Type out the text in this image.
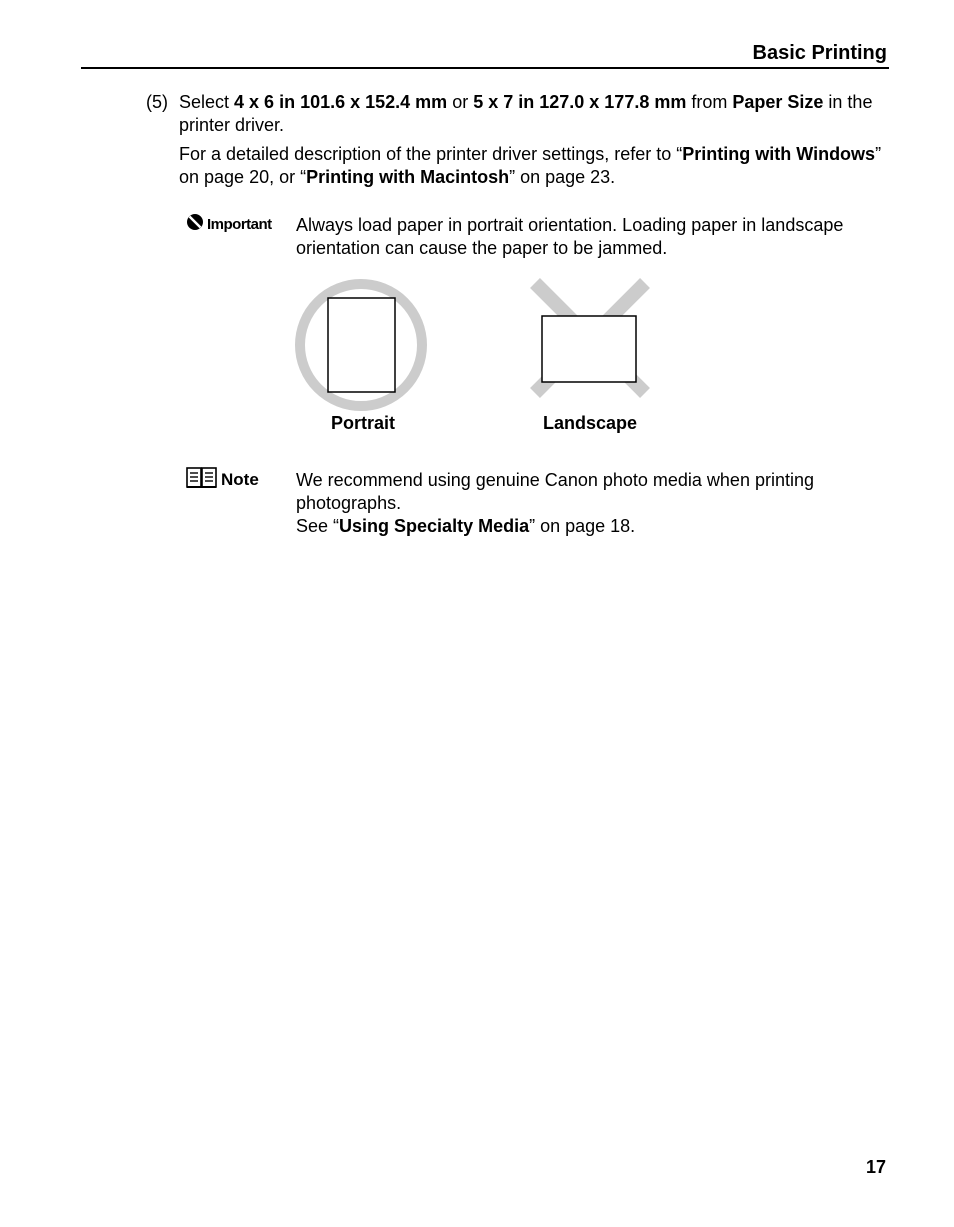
Basic Printing
(5) Select 4 x 6 in 101.6 x 152.4 mm or 5 x 7 in 127.0 x 177.8 mm from Paper Size in the printer driver.

For a detailed description of the printer driver settings, refer to “Printing with Windows” on page 20, or “Printing with Macintosh” on page 23.

Important Always load paper in portrait orientation. Loading paper in landscape orientation can cause the paper to be jammed.

Portrait	Landscape
Note We recommend using genuine Canon photo media when printing photographs.

See “Using Specialty Media” on page 18.

17
